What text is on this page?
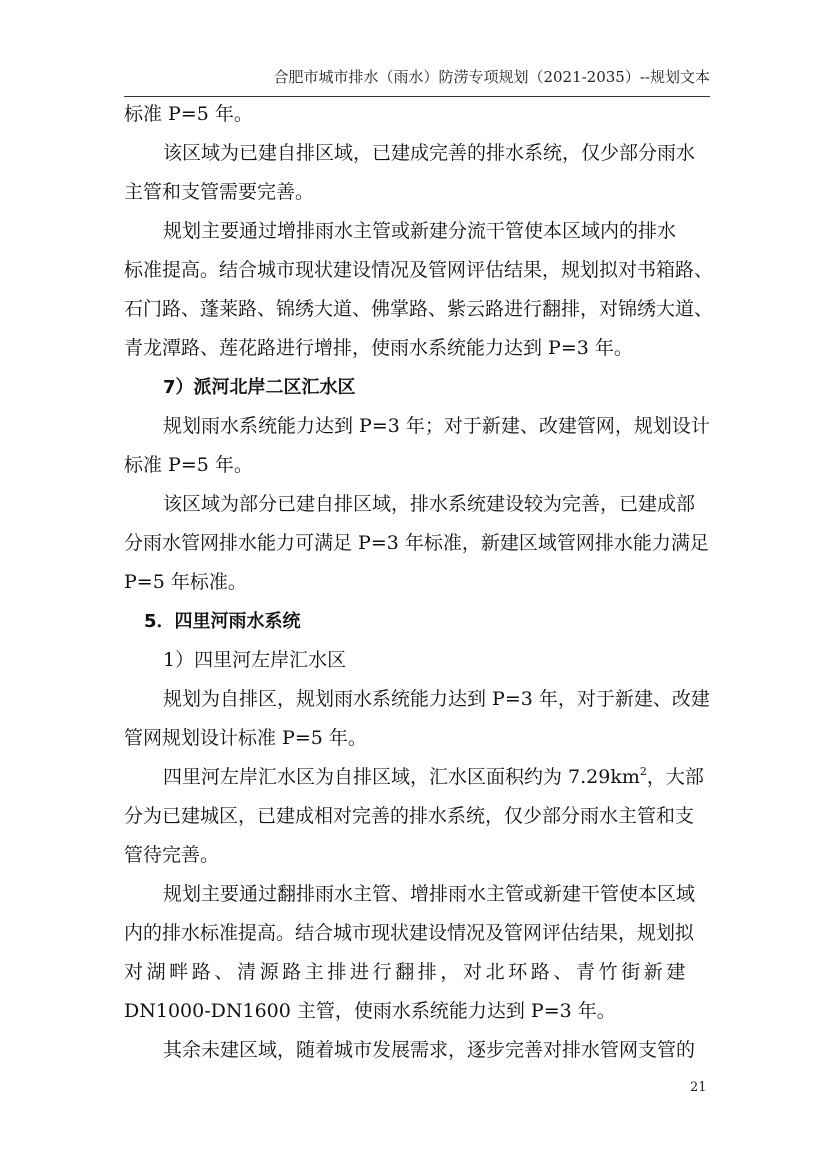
合肥市城市排水（雨水）防涝专项规划（2021-2035）--规划文本
标准 P=5 年。
该区域为已建自排区域，已建成完善的排水系统，仅少部分雨水
主管和支管需要完善。
规划主要通过增排雨水主管或新建分流干管使本区域内的排水
标准提高。结合城市现状建设情况及管网评估结果，规划拟对书箱路、
石门路、蓬莱路、锦绣大道、佛掌路、紫云路进行翻排，对锦绣大道、
青龙潭路、莲花路进行增排，使雨水系统能力达到 P=3 年。
7）派河北岸二区汇水区
规划雨水系统能力达到 P=3 年；对于新建、改建管网，规划设计
标准 P=5 年。
该区域为部分已建自排区域，排水系统建设较为完善，已建成部
分雨水管网排水能力可满足 P=3 年标准，新建区域管网排水能力满足
P=5 年标准。
5．四里河雨水系统
1）四里河左岸汇水区
规划为自排区，规划雨水系统能力达到 P=3 年，对于新建、改建
管网规划设计标准 P=5 年。
四里河左岸汇水区为自排区域，汇水区面积约为 $7.29km^2$，大部
分为已建城区，已建成相对完善的排水系统，仅少部分雨水主管和支
管待完善。
规划主要通过翻排雨水主管、增排雨水主管或新建干管使本区域
内的排水标准提高。结合城市现状建设情况及管网评估结果，规划拟
对湖畔路、清源路主排进行翻排，对北环路、青竹街新建
DN1000-DN1600 主管，使雨水系统能力达到 P=3 年。
其余未建区域，随着城市发展需求，逐步完善对排水管网支管的
21
